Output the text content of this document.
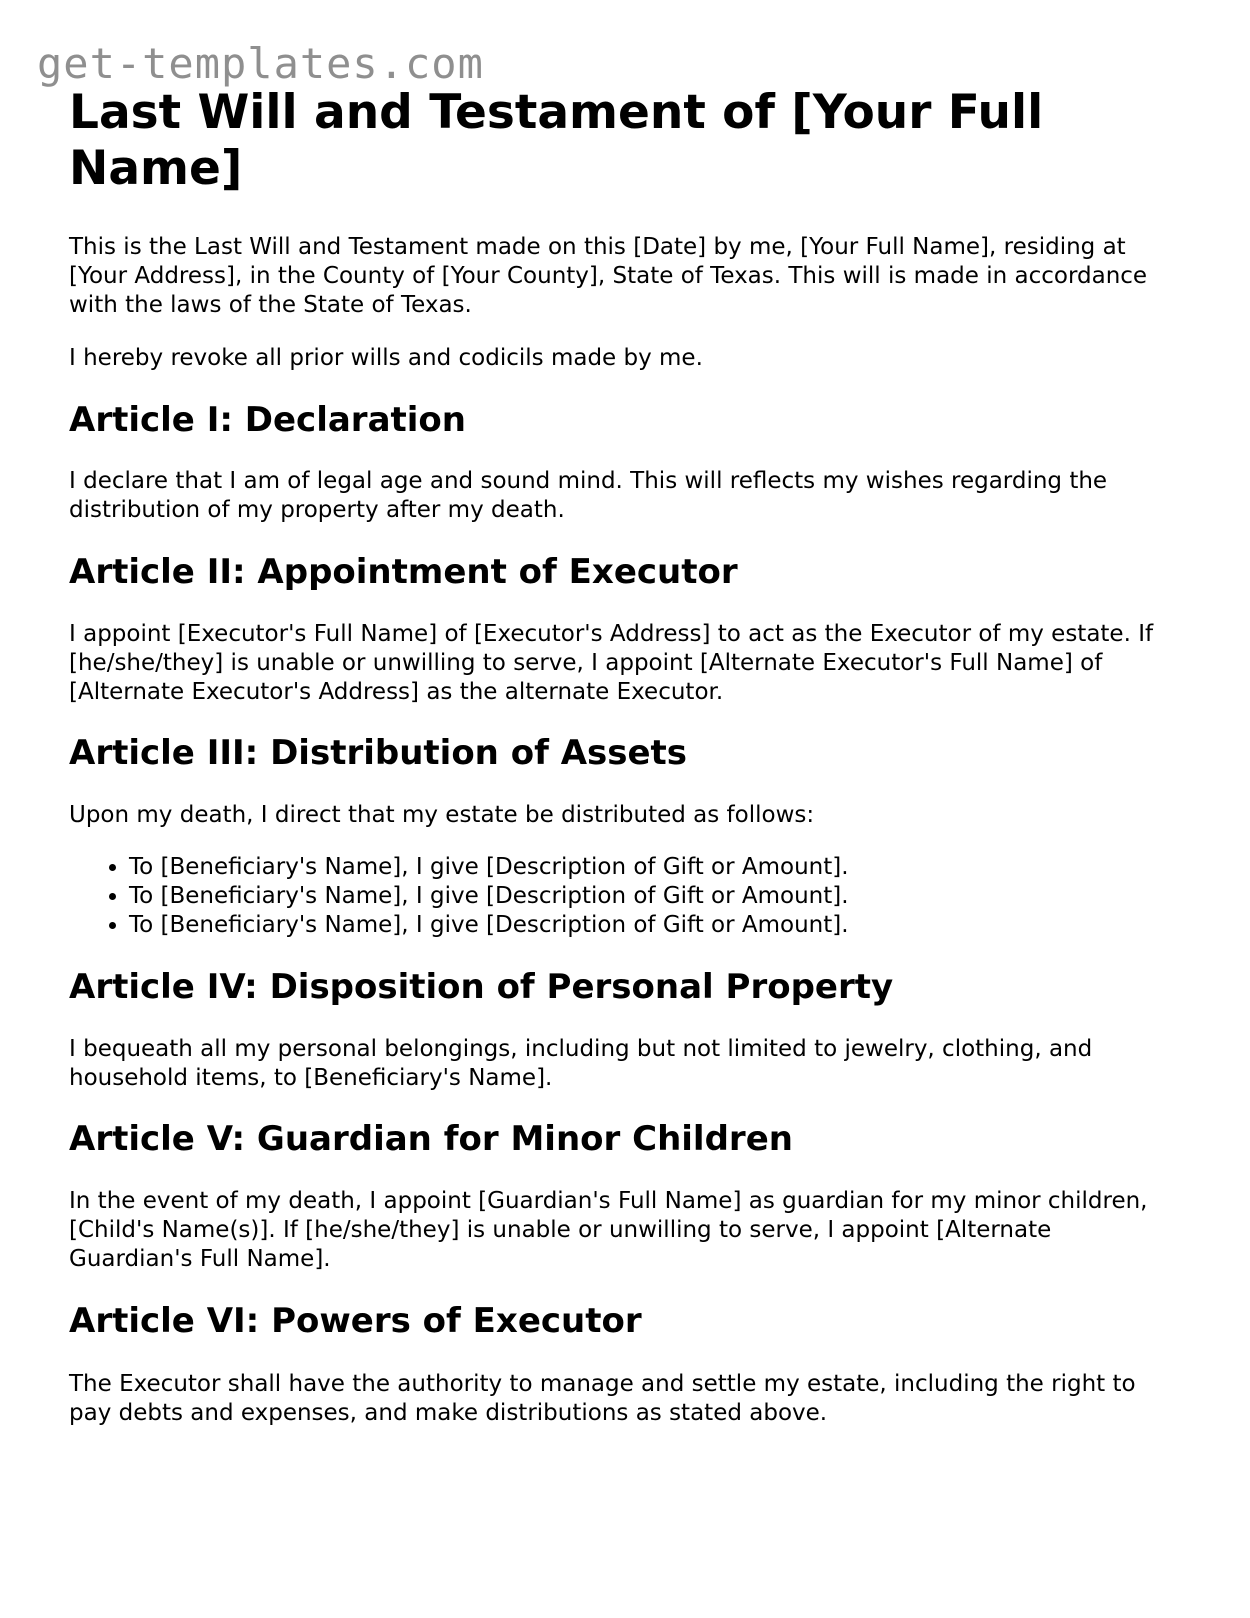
get-templates.com
Last Will and Testament of [Your Full Name]

This is the Last Will and Testament made on this [Date] by me, [Your Full Name], residing at [Your Address], in the County of [Your County], State of Texas. This will is made in accordance with the laws of the State of Texas.

I hereby revoke all prior wills and codicils made by me.

Article I: Declaration

I declare that I am of legal age and sound mind. This will reflects my wishes regarding the distribution of my property after my death.

Article II: Appointment of Executor

I appoint [Executor's Full Name] of [Executor's Address] to act as the Executor of my estate. If [he/she/they] is unable or unwilling to serve, I appoint [Alternate Executor's Full Name] of [Alternate Executor's Address] as the alternate Executor.

Article III: Distribution of Assets

Upon my death, I direct that my estate be distributed as follows:

• To [Beneficiary's Name], I give [Description of Gift or Amount].
• To [Beneficiary's Name], I give [Description of Gift or Amount].
• To [Beneficiary's Name], I give [Description of Gift or Amount].
Article IV: Disposition of Personal Property

I bequeath all my personal belongings, including but not limited to jewelry, clothing, and household items, to [Beneficiary's Name].

Article V: Guardian for Minor Children

In the event of my death, I appoint [Guardian's Full Name] as guardian for my minor children, [Child's Name(s)]. If [he/she/they] is unable or unwilling to serve, I appoint [Alternate Guardian's Full Name].

Article VI: Powers of Executor

The Executor shall have the authority to manage and settle my estate, including the right to pay debts and expenses, and make distributions as stated above.
